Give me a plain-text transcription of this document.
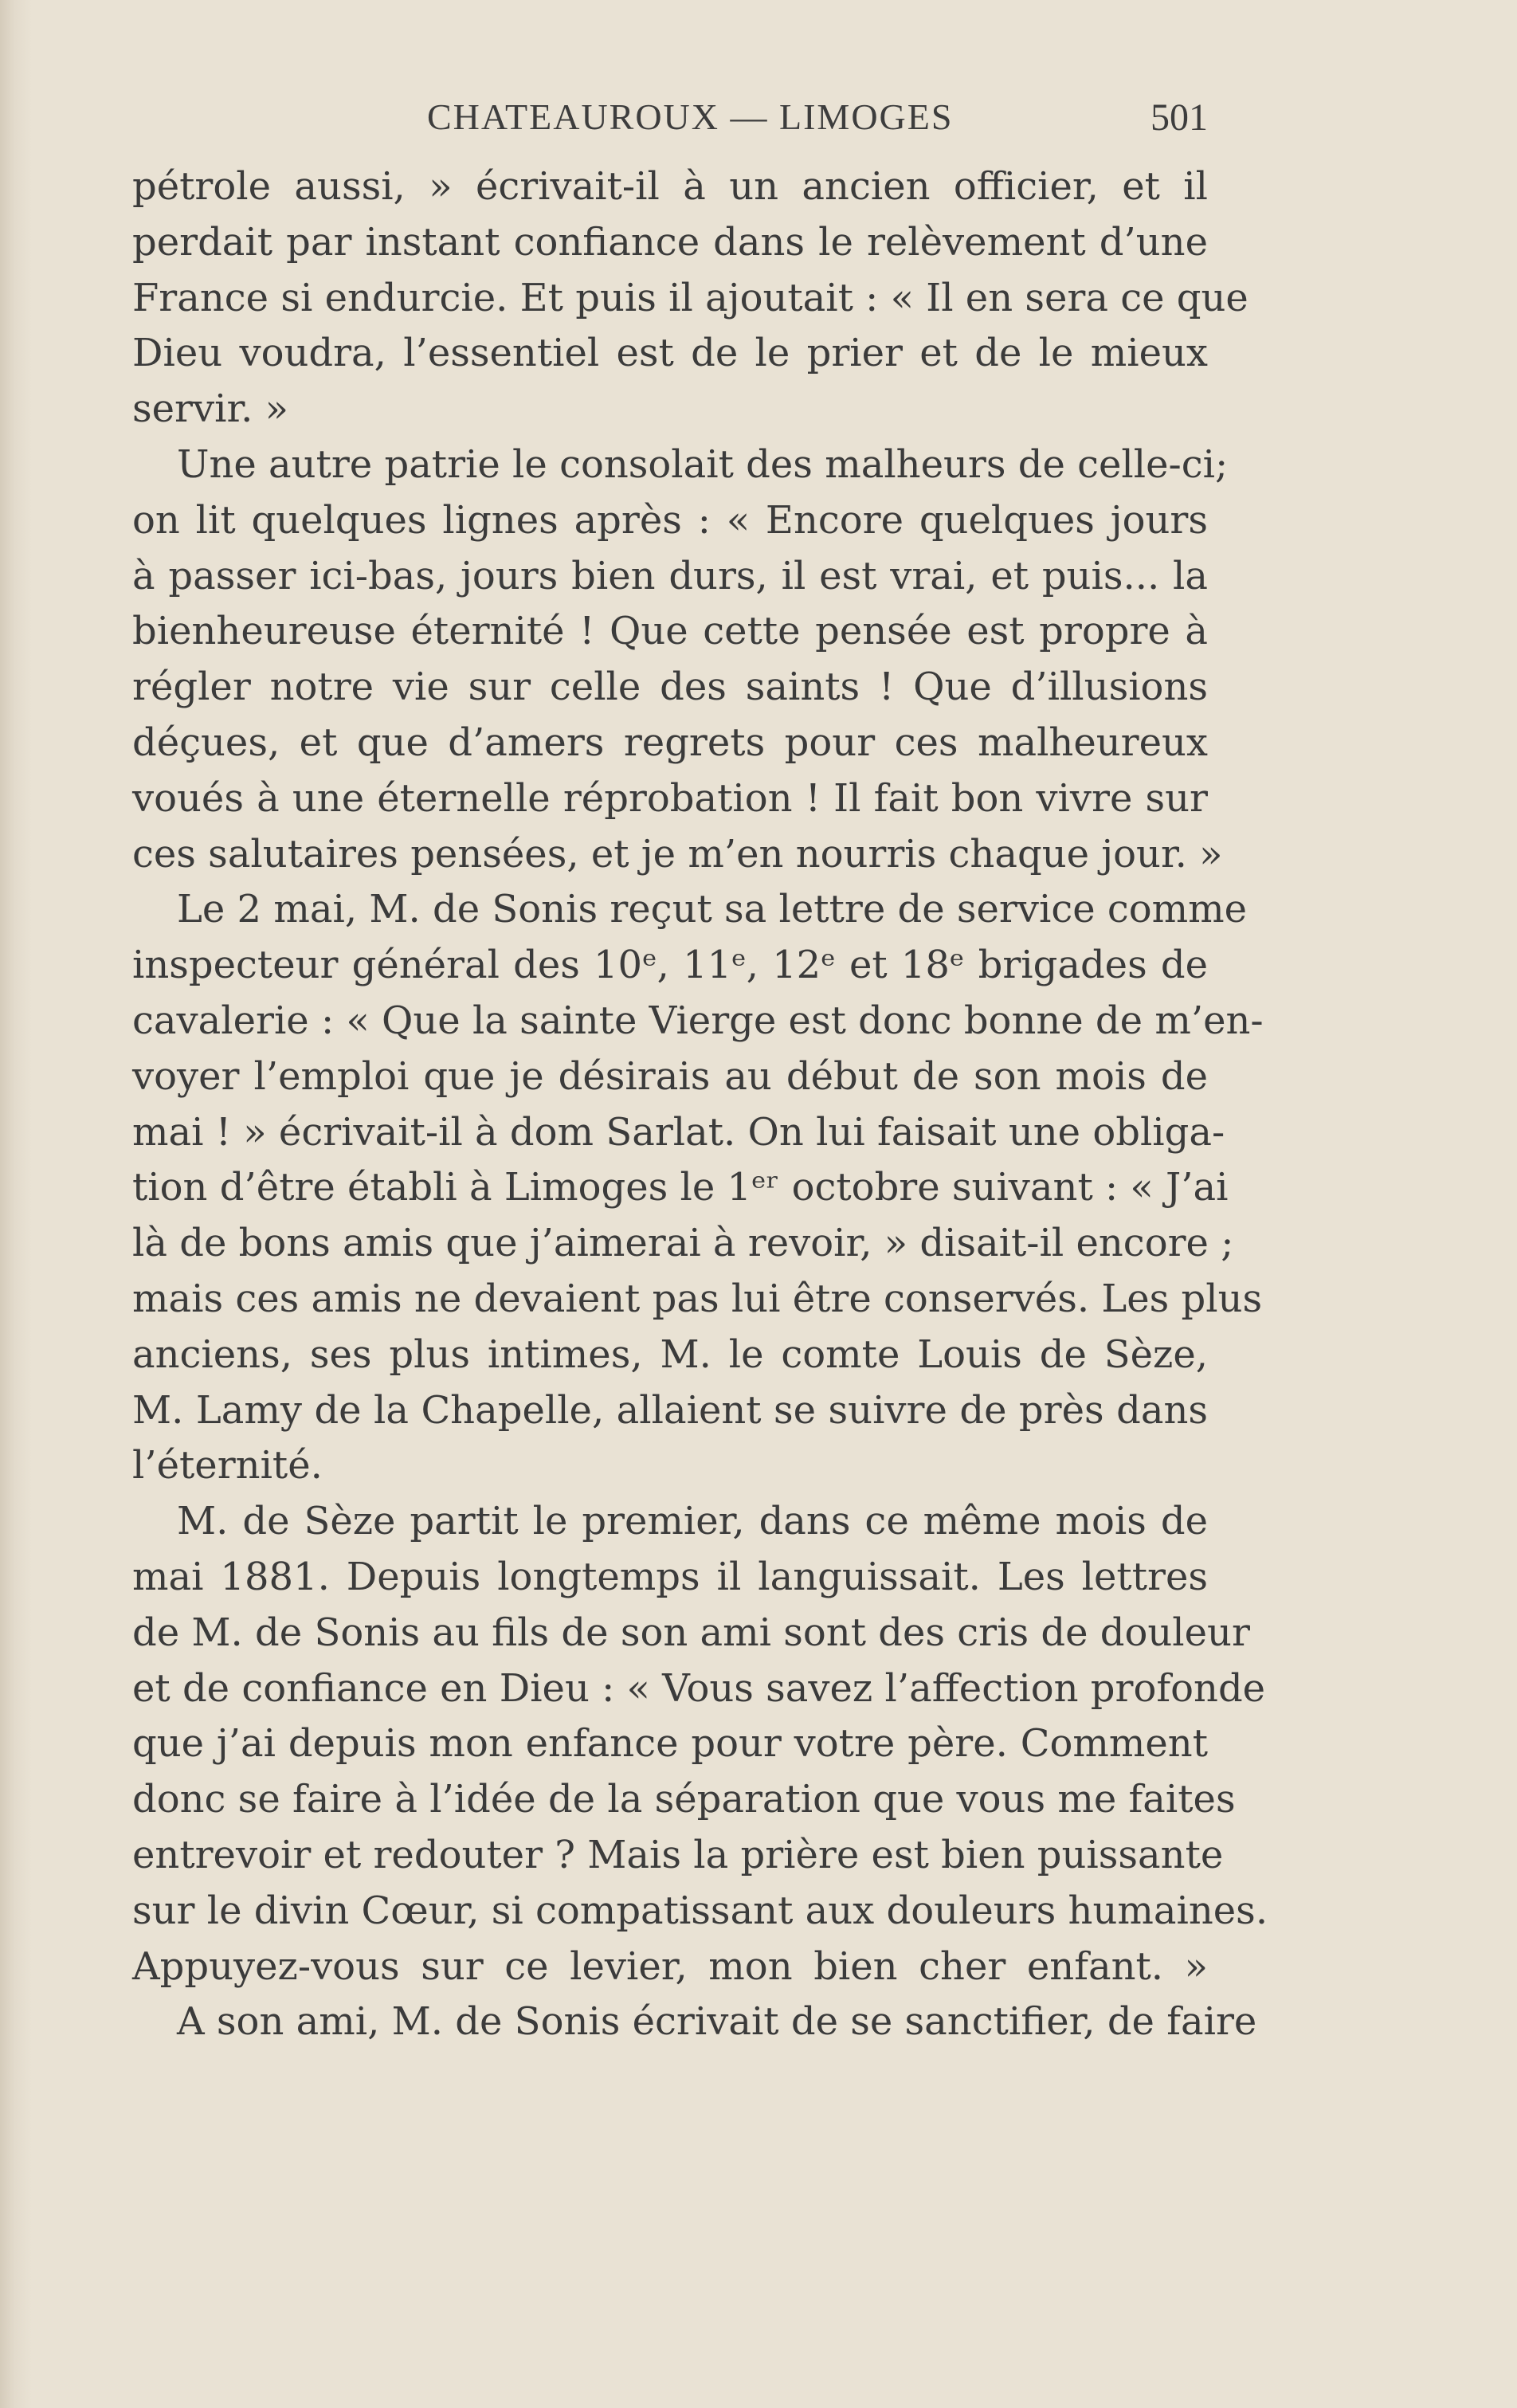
CHATEAUROUX — LIMOGES	501
pétrole aussi, » écrivait-il à un ancien officier, et il
perdait par instant confiance dans le relèvement d’une
France si endurcie. Et puis il ajoutait : « Il en sera ce que
Dieu voudra, l’essentiel est de le prier et de le mieux
servir. »
Une autre patrie le consolait des malheurs de celle-ci;
on lit quelques lignes après : « Encore quelques jours
à passer ici-bas, jours bien durs, il est vrai, et puis... la
bienheureuse éternité ! Que cette pensée est propre à
régler notre vie sur celle des saints ! Que d’illusions
déçues, et que d’amers regrets pour ces malheureux
voués à une éternelle réprobation ! Il fait bon vivre sur
ces salutaires pensées, et je m’en nourris chaque jour. »
Le 2 mai, M. de Sonis reçut sa lettre de service comme
inspecteur général des 10ᵉ, 11ᵉ, 12ᵉ et 18ᵉ brigades de
cavalerie : « Que la sainte Vierge est donc bonne de m’en-
voyer l’emploi que je désirais au début de son mois de
mai ! » écrivait-il à dom Sarlat. On lui faisait une obliga-
tion d’être établi à Limoges le 1ᵉʳ octobre suivant : « J’ai
là de bons amis que j’aimerai à revoir, » disait-il encore ;
mais ces amis ne devaient pas lui être conservés. Les plus
anciens, ses plus intimes, M. le comte Louis de Sèze,
M. Lamy de la Chapelle, allaient se suivre de près dans
l’éternité.
M. de Sèze partit le premier, dans ce même mois de
mai 1881. Depuis longtemps il languissait. Les lettres
de M. de Sonis au fils de son ami sont des cris de douleur
et de confiance en Dieu : « Vous savez l’affection profonde
que j’ai depuis mon enfance pour votre père. Comment
donc se faire à l’idée de la séparation que vous me faites
entrevoir et redouter ? Mais la prière est bien puissante
sur le divin Cœur, si compatissant aux douleurs humaines.
Appuyez-vous sur ce levier, mon bien cher enfant. »
A son ami, M. de Sonis écrivait de se sanctifier, de faire
